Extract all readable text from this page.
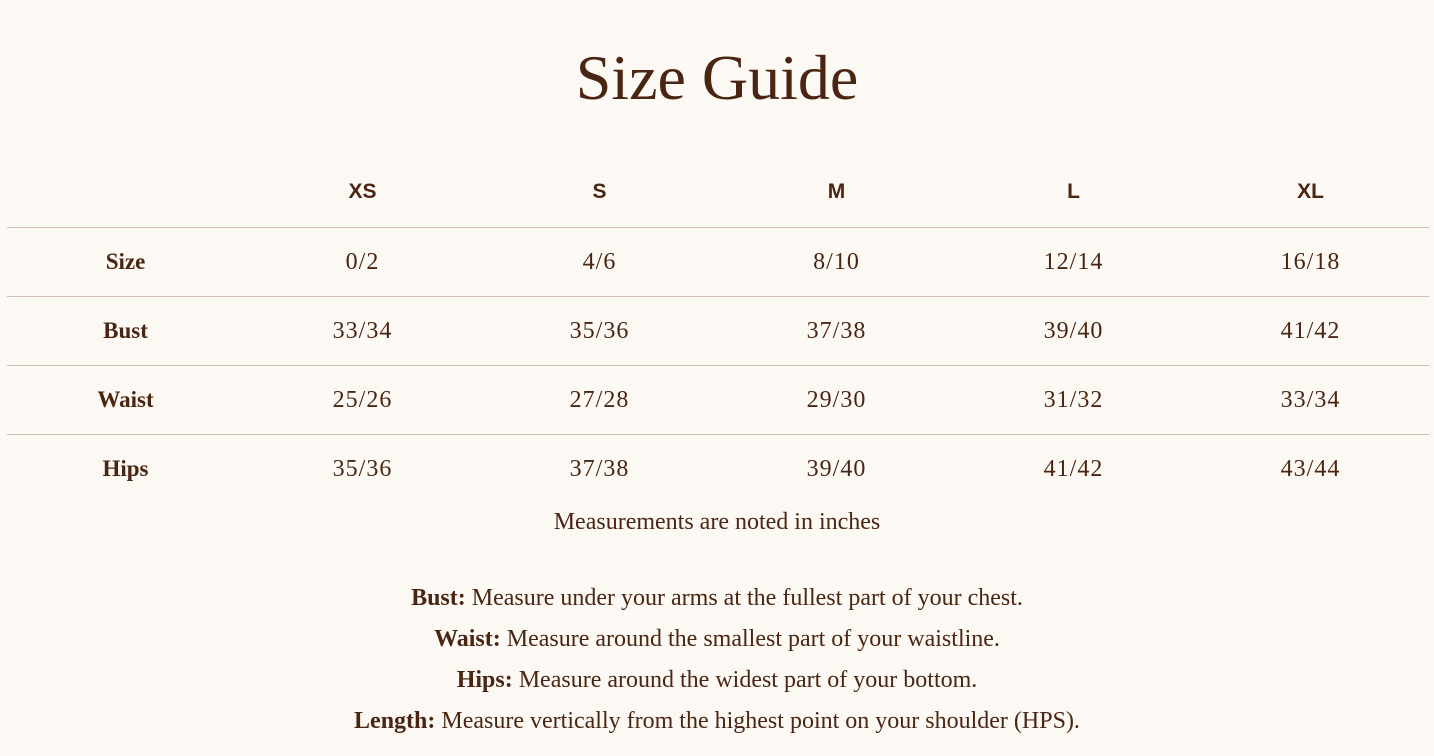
Size Guide
	XS	S	M	L	XL
Size	0/2	4/6	8/10	12/14	16/18
Bust	33/34	35/36	37/38	39/40	41/42
Waist	25/26	27/28	29/30	31/32	33/34
Hips	35/36	37/38	39/40	41/42	43/44

Measurements are noted in inches

Bust: Measure under your arms at the fullest part of your chest.
Waist: Measure around the smallest part of your waistline.
Hips: Measure around the widest part of your bottom.
Length: Measure vertically from the highest point on your shoulder (HPS).
